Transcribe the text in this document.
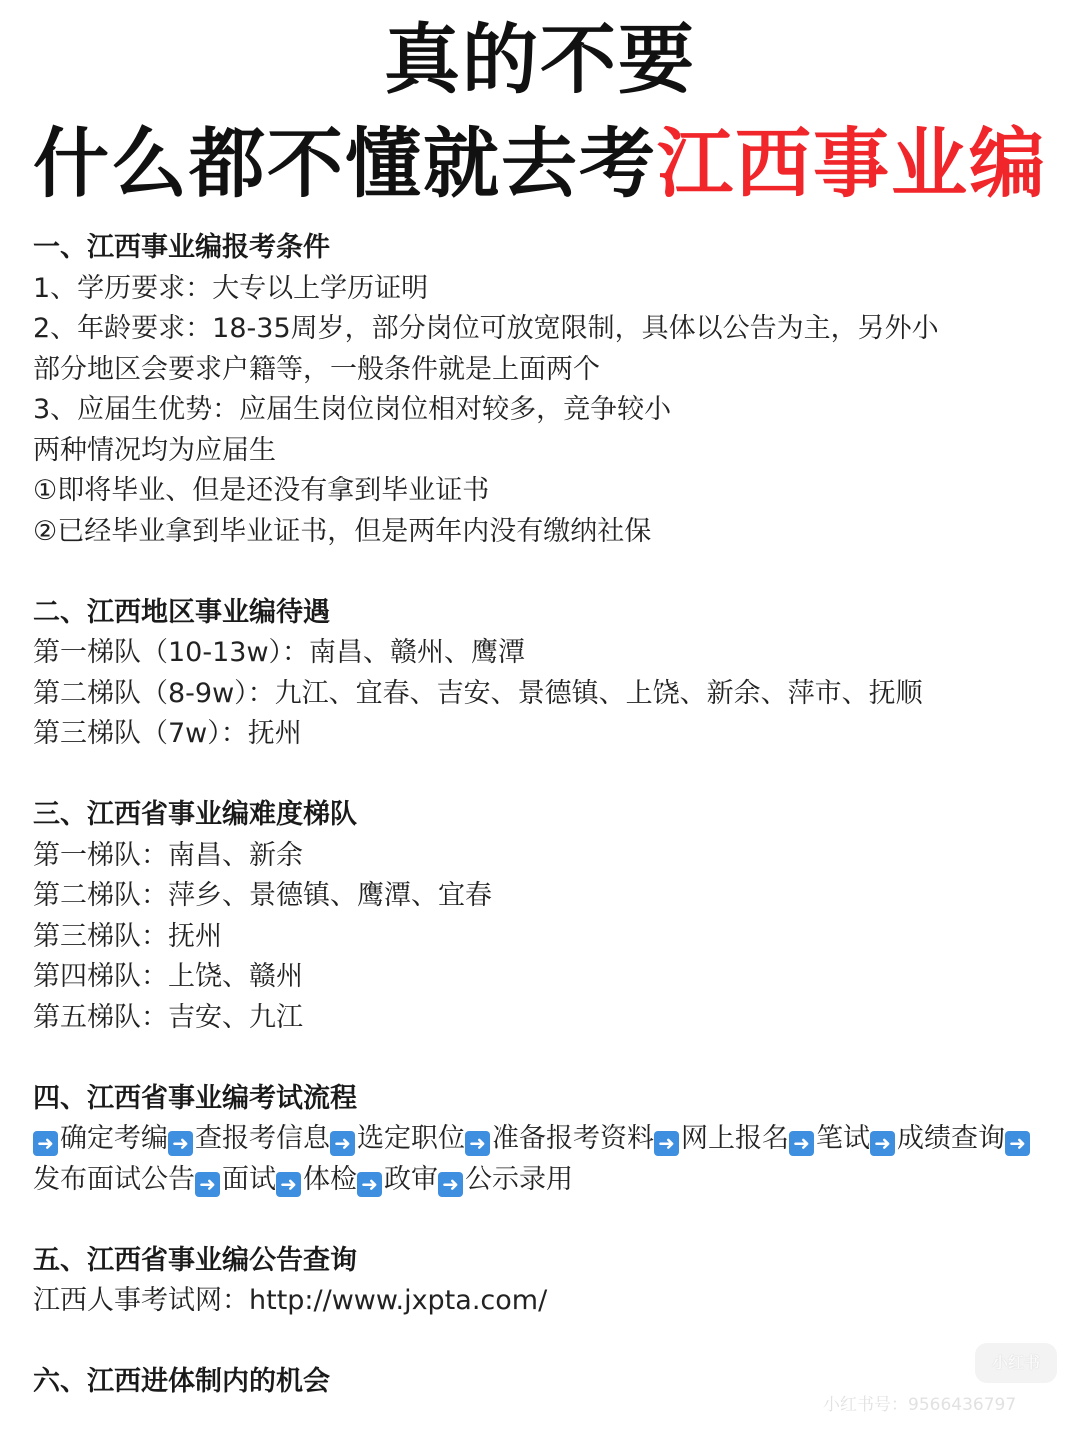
真的不要
什么都不懂就去考江西事业编
一、江西事业编报考条件
1、学历要求：大专以上学历证明
2、年龄要求：18-35周岁，部分岗位可放宽限制，具体以公告为主，另外小
部分地区会要求户籍等，一般条件就是上面两个
3、应届生优势：应届生岗位岗位相对较多，竞争较小
两种情况均为应届生
①即将毕业、但是还没有拿到毕业证书
②已经毕业拿到毕业证书，但是两年内没有缴纳社保
二、江西地区事业编待遇
第一梯队（10-13w）：南昌、赣州、鹰潭
第二梯队（8-9w）：九江、宜春、吉安、景德镇、上饶、新余、萍市、抚顺
第三梯队（7w）：抚州
三、江西省事业编难度梯队
第一梯队：南昌、新余
第二梯队：萍乡、景德镇、鹰潭、宜春
第三梯队：抚州
第四梯队：上饶、赣州
第五梯队：吉安、九江
四、江西省事业编考试流程
➜ 确定考编 ➜ 查报考信息 ➜ 选定职位 ➜ 准备报考资料 ➜ 网上报名 ➜ 笔试 ➜ 成绩查询 ➜发布面试公告 ➜ 面试 ➜ 体检 ➜ 政审 ➜ 公示录用
五、江西省事业编公告查询
江西人事考试网：http://www.jxpta.com/
六、江西进体制内的机会
小红书
小红书号：9566436797
